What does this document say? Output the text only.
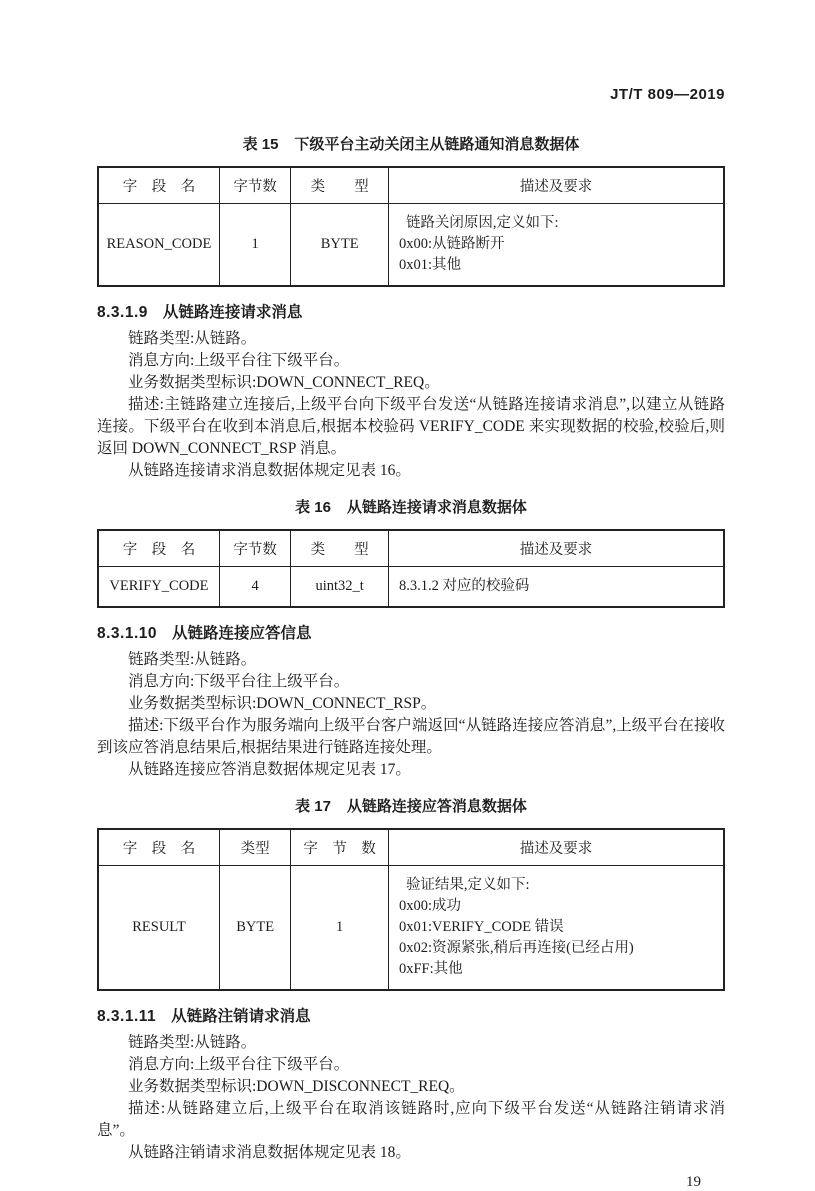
JT/T 809—2019
表 15 下级平台主动关闭主从链路通知消息数据体
字　段　名	字节数	类　　型	描述及要求
REASON_CODE	1	BYTE	链路关闭原因,定义如下:
0x00:从链路断开
0x01:其他
8.3.1.9 从链路连接请求消息

链路类型:从链路。

消息方向:上级平台往下级平台。

业务数据类型标识:DOWN_CONNECT_REQ。

描述:主链路建立连接后,上级平台向下级平台发送“从链路连接请求消息”,以建立从链路连接。下级平台在收到本消息后,根据本校验码 VERIFY_CODE 来实现数据的校验,校验后,则返回 DOWN_CONNECT_RSP 消息。

从链路连接请求消息数据体规定见表 16。

表 16 从链路连接请求消息数据体
字　段　名	字节数	类　　型	描述及要求
VERIFY_CODE	4	uint32_t	8.3.1.2 对应的校验码
8.3.1.10 从链路连接应答信息

链路类型:从链路。

消息方向:下级平台往上级平台。

业务数据类型标识:DOWN_CONNECT_RSP。

描述:下级平台作为服务端向上级平台客户端返回“从链路连接应答消息”,上级平台在接收到该应答消息结果后,根据结果进行链路连接处理。

从链路连接应答消息数据体规定见表 17。

表 17 从链路连接应答消息数据体
字　段　名	类型	字　节　数	描述及要求
RESULT	BYTE	1	验证结果,定义如下:
0x00:成功
0x01:VERIFY_CODE 错误
0x02:资源紧张,稍后再连接(已经占用)
0xFF:其他
8.3.1.11 从链路注销请求消息

链路类型:从链路。

消息方向:上级平台往下级平台。

业务数据类型标识:DOWN_DISCONNECT_REQ。

描述:从链路建立后,上级平台在取消该链路时,应向下级平台发送“从链路注销请求消息”。

从链路注销请求消息数据体规定见表 18。

19
